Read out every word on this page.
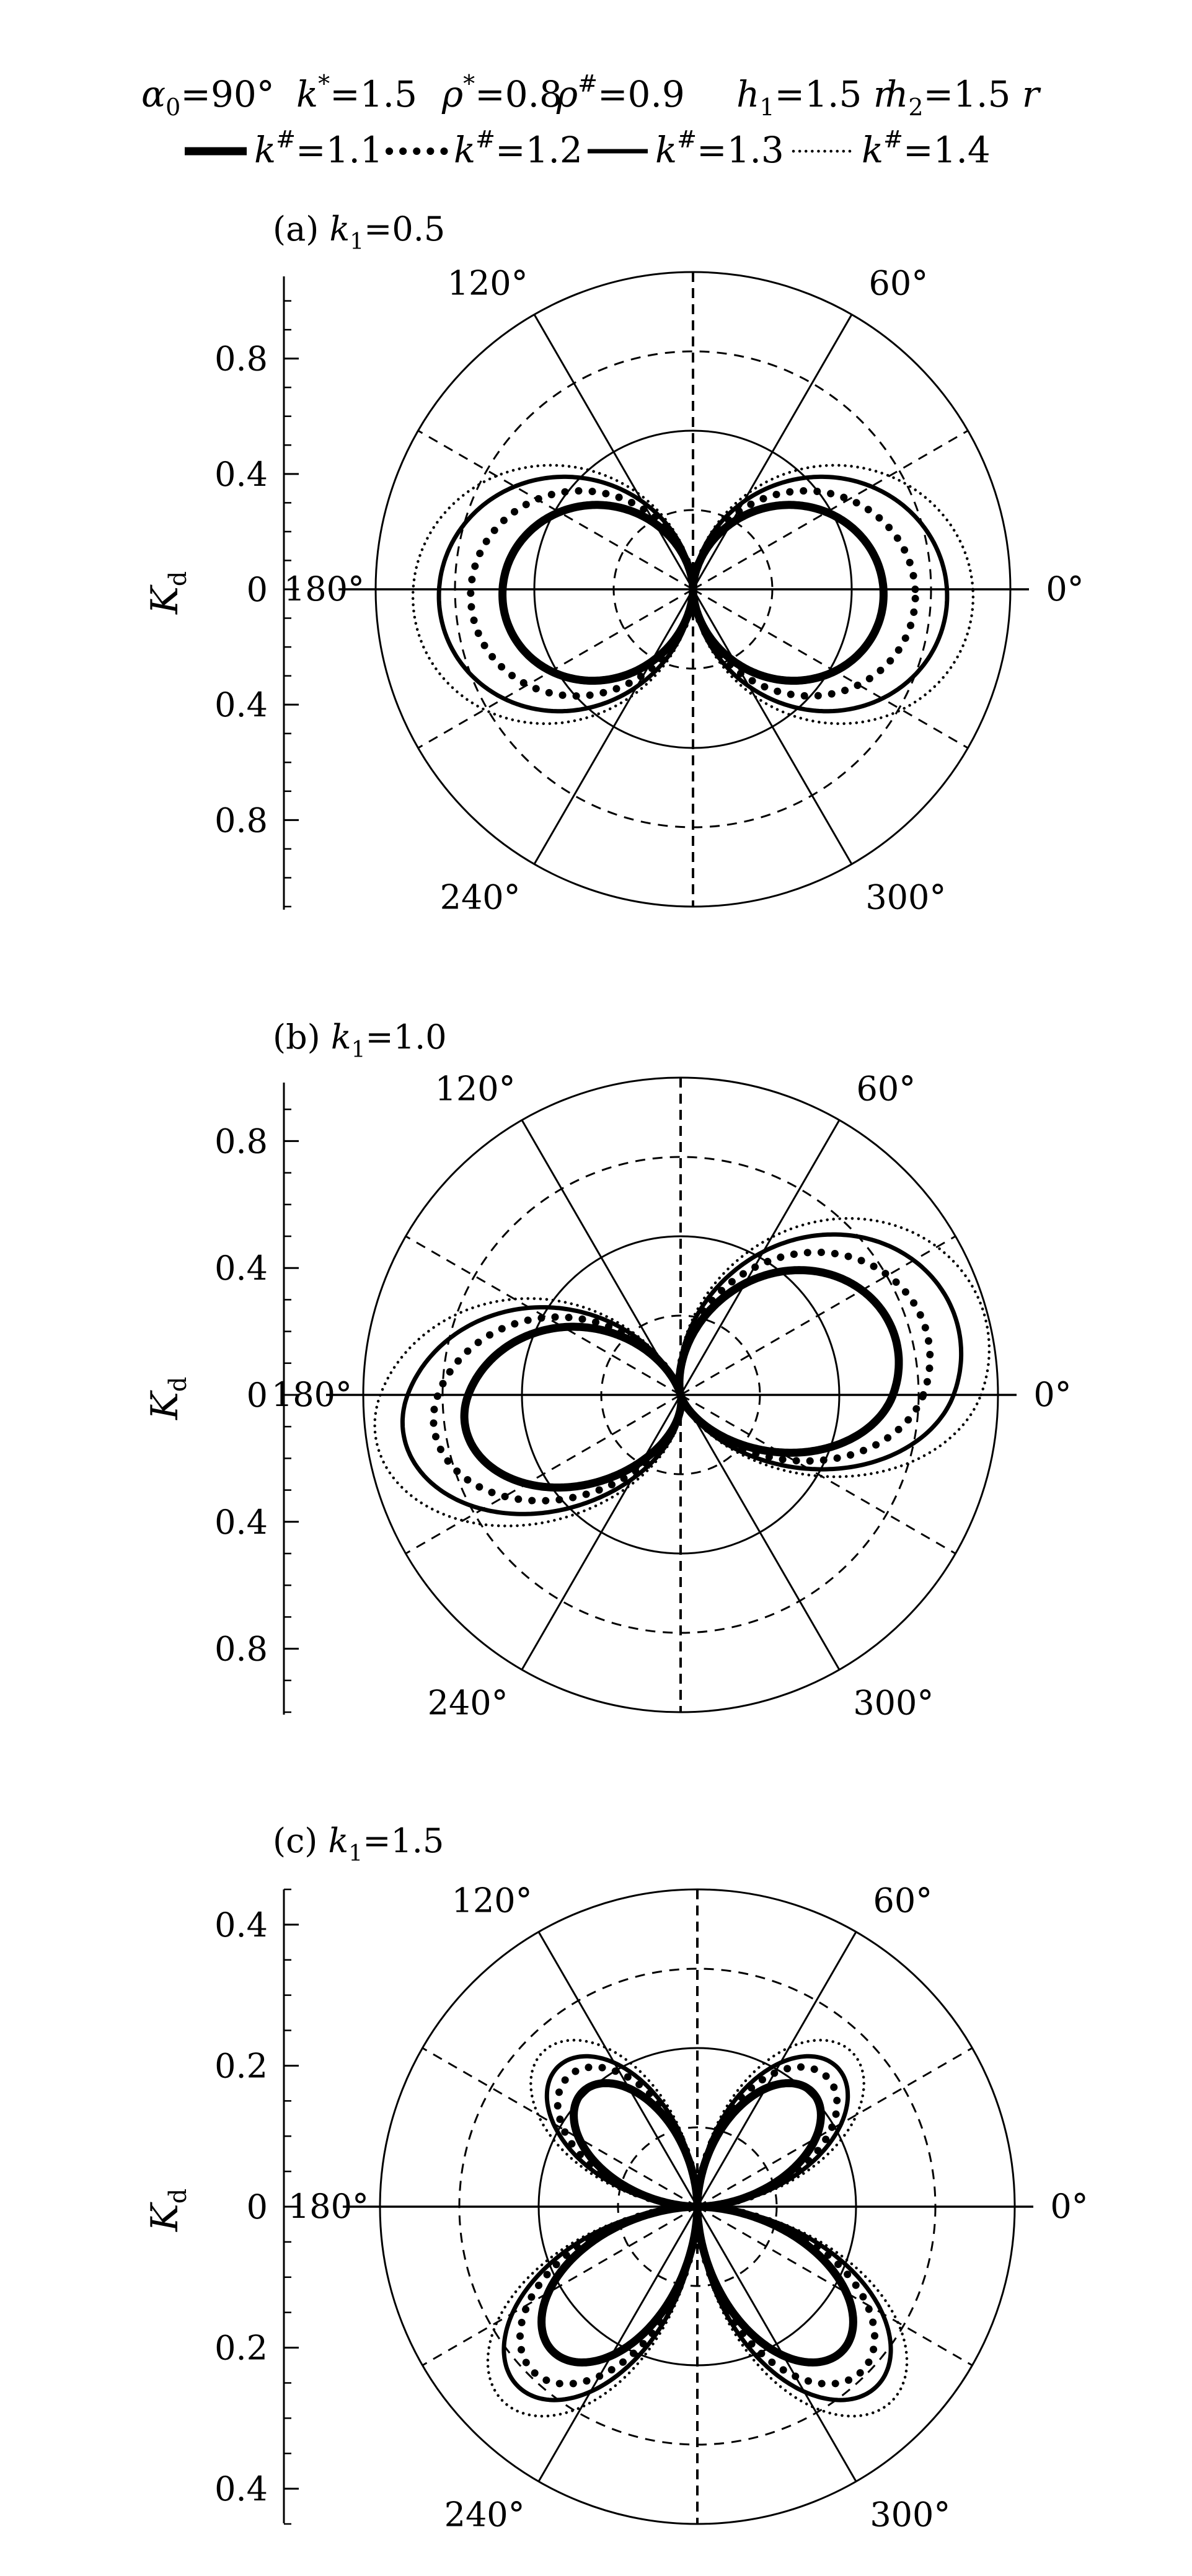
$\alpha_0=90^\circ$ k*=1.5 ρ*=0.8
ρ#=0.9 $h_1=1.5$ r
$h_2=1.5$ r
k#=1.1 k#=1.2 k#=1.3 k#=1.4
(a) $k_1=0.5$
0.8
0.4
0
0.4
0.8
$K_d$	0°
60°
120°
180°
240°	300°
(b) $k_1=1.0$
0.8
0.4
0
0.4
0.8
$K_d$	0°
60°
120°
180°
240°	300°
(c) $k_1=1.5$
0.4
0.2
0
0.2
0.4
$K_d$	0°
60°
120°
180°
240°	300°
